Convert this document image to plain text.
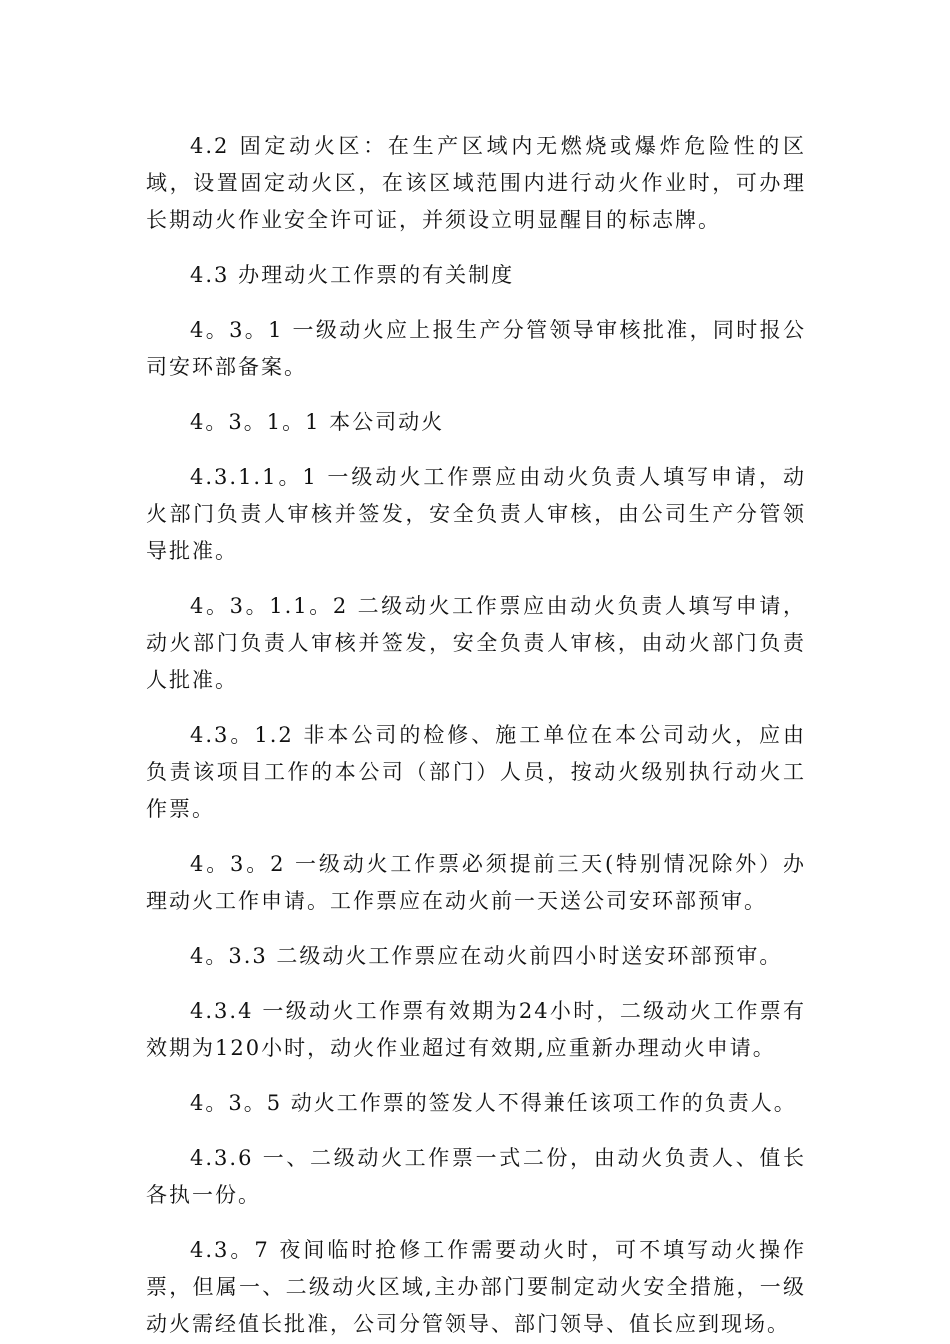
4.2 固定动火区：在生产区域内无燃烧或爆炸危险性的区域，设置固定动火区，在该区域范围内进行动火作业时，可办理长期动火作业安全许可证，并须设立明显醒目的标志牌。

4.3 办理动火工作票的有关制度

4。3。1 一级动火应上报生产分管领导审核批准，同时报公司安环部备案。

4。3。1。1 本公司动火

4.3.1.1。1 一级动火工作票应由动火负责人填写申请，动火部门负责人审核并签发，安全负责人审核，由公司生产分管领导批准。

4。3。1.1。2 二级动火工作票应由动火负责人填写申请，动火部门负责人审核并签发，安全负责人审核，由动火部门负责人批准。

4.3。1.2 非本公司的检修、施工单位在本公司动火，应由负责该项目工作的本公司（部门）人员，按动火级别执行动火工作票。

4。3。2 一级动火工作票必须提前三天(特别情况除外）办理动火工作申请。工作票应在动火前一天送公司安环部预审。

4。3.3 二级动火工作票应在动火前四小时送安环部预审。

4.3.4 一级动火工作票有效期为24小时，二级动火工作票有效期为120小时，动火作业超过有效期,应重新办理动火申请。

4。3。5 动火工作票的签发人不得兼任该项工作的负责人。

4.3.6 一、二级动火工作票一式二份，由动火负责人、值长各执一份。

4.3。7 夜间临时抢修工作需要动火时，可不填写动火操作票，但属一、二级动火区域,主办部门要制定动火安全措施，一级动火需经值长批准，公司分管领导、部门领导、值长应到现场。
